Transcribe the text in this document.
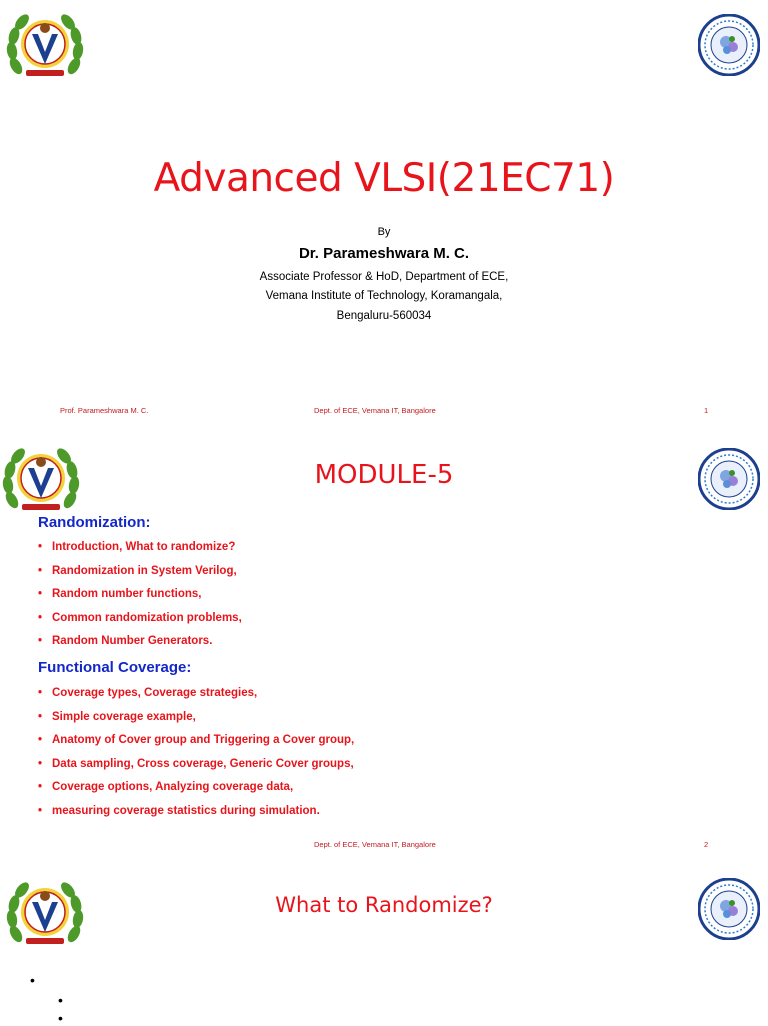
Advanced VLSI(21EC71)
By
Dr. Parameshwara M. C.
Associate Professor & HoD, Department of ECE,
Vemana Institute of Technology, Koramangala,
Bengaluru-560034
Prof. Parameshwara M. C.	Dept. of ECE, Vemana IT, Bangalore	1
MODULE-5
Randomization:
• Introduction, What to randomize?
• Randomization in System Verilog,
• Random number functions,
• Common randomization problems,
• Random Number Generators.
Functional Coverage:
• Coverage types, Coverage strategies,
• Simple coverage example,
• Anatomy of Cover group and Triggering a Cover group,
• Data sampling, Cross coverage, Generic Cover groups,
• Coverage options, Analyzing coverage data,
• measuring coverage statistics during simulation.
Dept. of ECE, Vemana IT, Bangalore	2
What to Randomize?
•
•
•
